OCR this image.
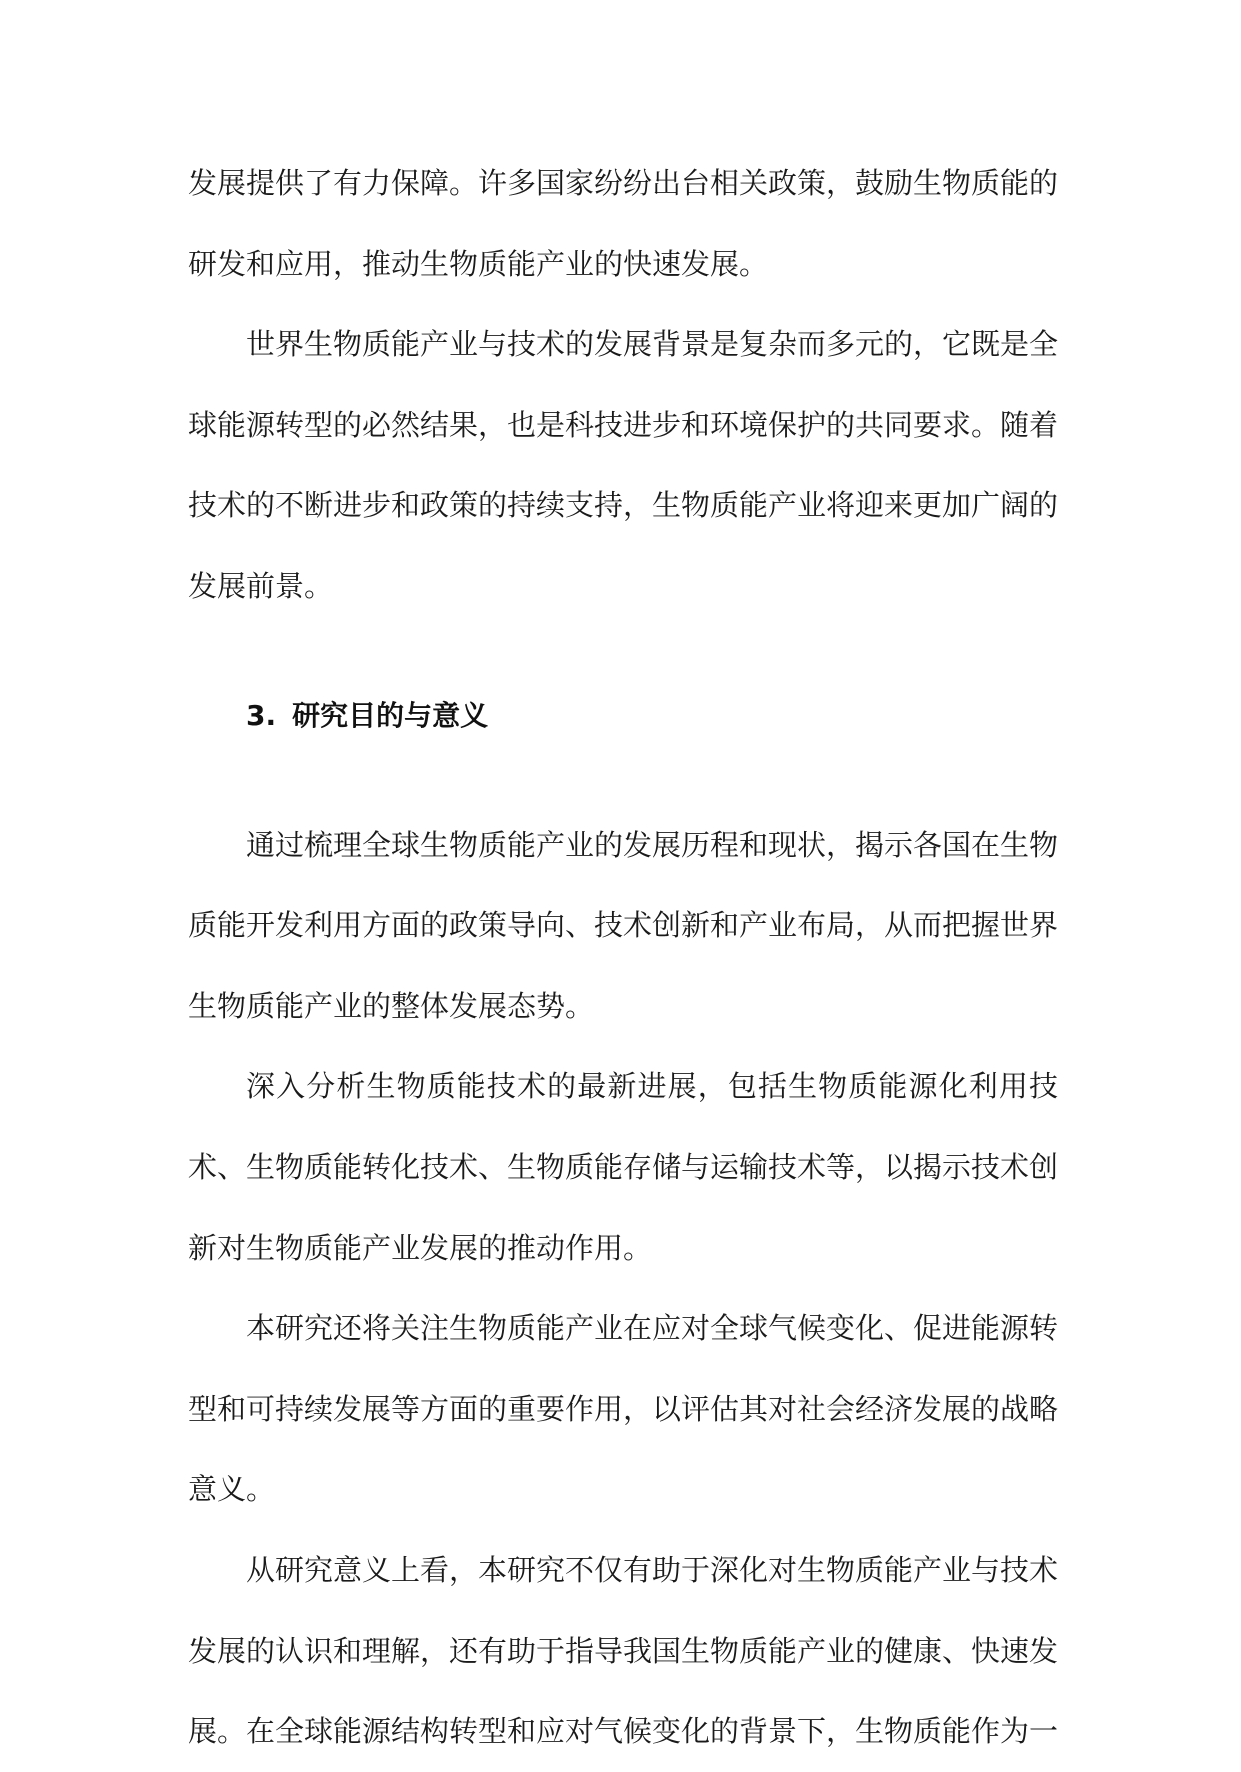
发展提供了有力保障。许多国家纷纷出台相关政策，鼓励生物质能的研发和应用，推动生物质能产业的快速发展。

世界生物质能产业与技术的发展背景是复杂而多元的，它既是全球能源转型的必然结果，也是科技进步和环境保护的共同要求。随着技术的不断进步和政策的持续支持，生物质能产业将迎来更加广阔的发展前景。

3. 研究目的与意义

通过梳理全球生物质能产业的发展历程和现状，揭示各国在生物质能开发利用方面的政策导向、技术创新和产业布局，从而把握世界生物质能产业的整体发展态势。

深入分析生物质能技术的最新进展，包括生物质能源化利用技术、生物质能转化技术、生物质能存储与运输技术等，以揭示技术创新对生物质能产业发展的推动作用。

本研究还将关注生物质能产业在应对全球气候变化、促进能源转型和可持续发展等方面的重要作用，以评估其对社会经济发展的战略意义。

从研究意义上看，本研究不仅有助于深化对生物质能产业与技术发展的认识和理解，还有助于指导我国生物质能产业的健康、快速发展。在全球能源结构转型和应对气候变化的背景下，生物质能作为一
